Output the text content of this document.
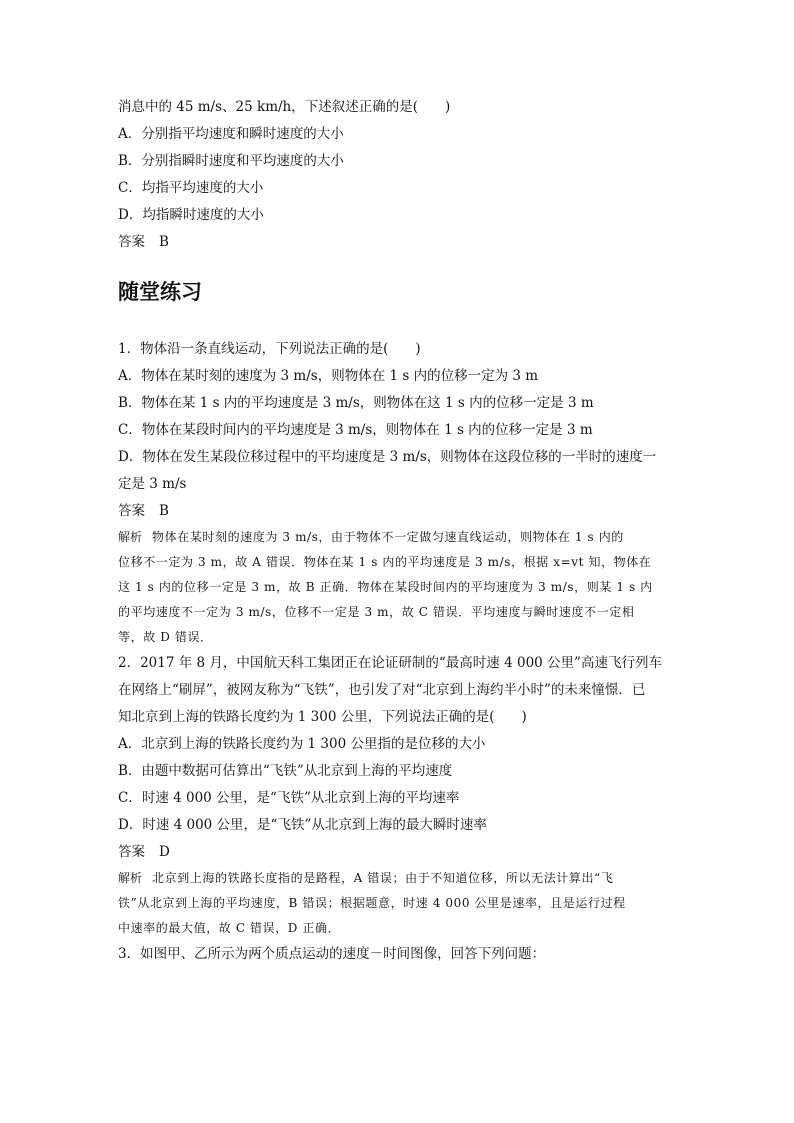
消息中的 45 m/s、25 km/h，下述叙述正确的是(　　)

A．分别指平均速度和瞬时速度的大小

B．分别指瞬时速度和平均速度的大小

C．均指平均速度的大小

D．均指瞬时速度的大小

答案 B

随堂练习

1．物体沿一条直线运动，下列说法正确的是(　　)

A．物体在某时刻的速度为 3 m/s，则物体在 1 s 内的位移一定为 3 m

B．物体在某 1 s 内的平均速度是 3 m/s，则物体在这 1 s 内的位移一定是 3 m

C．物体在某段时间内的平均速度是 3 m/s，则物体在 1 s 内的位移一定是 3 m

D．物体在发生某段位移过程中的平均速度是 3 m/s，则物体在这段位移的一半时的速度一

定是 3 m/s

答案 B

解析 物体在某时刻的速度为 3 m/s，由于物体不一定做匀速直线运动，则物体在 1 s 内的

位移不一定为 3 m，故 A 错误．物体在某 1 s 内的平均速度是 3 m/s，根据 x=vt 知，物体在

这 1 s 内的位移一定是 3 m，故 B 正确．物体在某段时间内的平均速度为 3 m/s，则某 1 s 内

的平均速度不一定为 3 m/s，位移不一定是 3 m，故 C 错误．平均速度与瞬时速度不一定相

等，故 D 错误．

2．2017 年 8 月，中国航天科工集团正在论证研制的“最高时速 4 000 公里”高速飞行列车

在网络上“刷屏”，被网友称为“飞铁”，也引发了对“北京到上海约半小时”的未来憧憬．已

知北京到上海的铁路长度约为 1 300 公里，下列说法正确的是(　　)

A．北京到上海的铁路长度约为 1 300 公里指的是位移的大小

B．由题中数据可估算出“飞铁”从北京到上海的平均速度

C．时速 4 000 公里，是“飞铁”从北京到上海的平均速率

D．时速 4 000 公里，是“飞铁”从北京到上海的最大瞬时速率

答案 D

解析 北京到上海的铁路长度指的是路程，A 错误；由于不知道位移，所以无法计算出“飞

铁”从北京到上海的平均速度，B 错误；根据题意，时速 4 000 公里是速率，且是运行过程

中速率的最大值，故 C 错误，D 正确．

3．如图甲、乙所示为两个质点运动的速度－时间图像，回答下列问题：
